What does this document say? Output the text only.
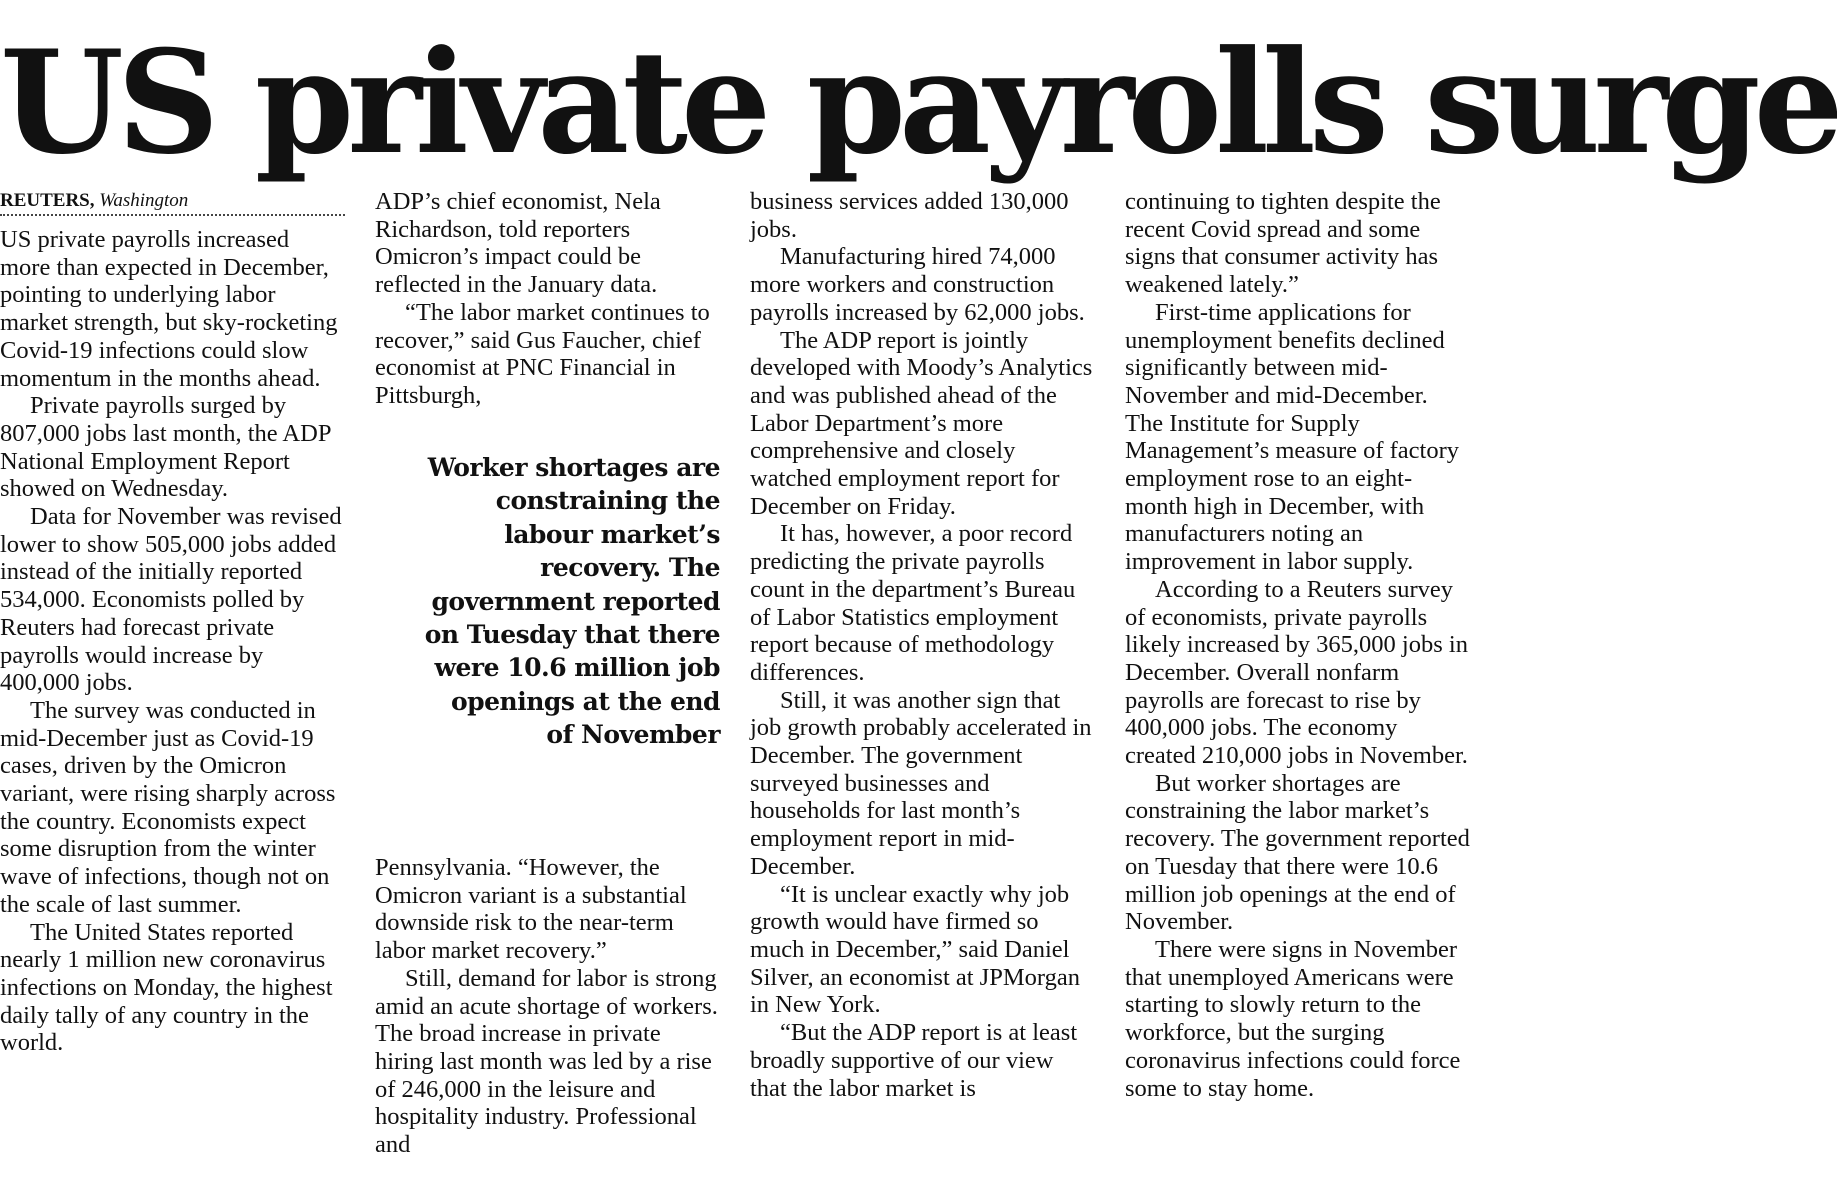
US private payrolls surge
REUTERS, Washington

US private payrolls increased more than expected in December, pointing to underlying labor market strength, but sky-rocketing Covid-19 infections could slow momentum in the months ahead.

Private payrolls surged by 807,000 jobs last month, the ADP National Employment Report showed on Wednesday.

Data for November was revised lower to show 505,000 jobs added instead of the initially reported 534,000. Economists polled by Reuters had forecast private payrolls would increase by 400,000 jobs.

The survey was conducted in mid-December just as Covid-19 cases, driven by the Omicron variant, were rising sharply across the country. Economists expect some disruption from the winter wave of infections, though not on the scale of last summer.

The United States reported nearly 1 million new coronavirus infections on Monday, the highest daily tally of any country in the world.

ADP’s chief economist, Nela Richardson, told reporters Omicron’s impact could be reflected in the January data.

“The labor market continues to recover,” said Gus Faucher, chief economist at PNC Financial in Pittsburgh,

Worker shortages are constraining the labour market’s recovery. The government reported on Tuesday that there were 10.6 million job openings at the end of November

Pennsylvania. “However, the Omicron variant is a substantial downside risk to the near-term labor market recovery.”

Still, demand for labor is strong amid an acute shortage of workers. The broad increase in private hiring last month was led by a rise of 246,000 in the leisure and hospitality industry. Professional and

business services added 130,000 jobs.

Manufacturing hired 74,000 more workers and construction payrolls increased by 62,000 jobs.

The ADP report is jointly developed with Moody’s Analytics and was published ahead of the Labor Department’s more comprehensive and closely watched employment report for December on Friday.

It has, however, a poor record predicting the private payrolls count in the department’s Bureau of Labor Statistics employment report because of methodology differences.

Still, it was another sign that job growth probably accelerated in December. The government surveyed businesses and households for last month’s employment report in mid-December.

“It is unclear exactly why job growth would have firmed so much in December,” said Daniel Silver, an economist at JPMorgan in New York.

“But the ADP report is at least broadly supportive of our view that the labor market is

continuing to tighten despite the recent Covid spread and some signs that consumer activity has weakened lately.”

First-time applications for unemployment benefits declined significantly between mid-November and mid-December. The Institute for Supply Management’s measure of factory employment rose to an eight-month high in December, with manufacturers noting an improvement in labor supply.

According to a Reuters survey of economists, private payrolls likely increased by 365,000 jobs in December. Overall nonfarm payrolls are forecast to rise by 400,000 jobs. The economy created 210,000 jobs in November.

But worker shortages are constraining the labor market’s recovery. The government reported on Tuesday that there were 10.6 million job openings at the end of November.

There were signs in November that unemployed Americans were starting to slowly return to the workforce, but the surging coronavirus infections could force some to stay home.
